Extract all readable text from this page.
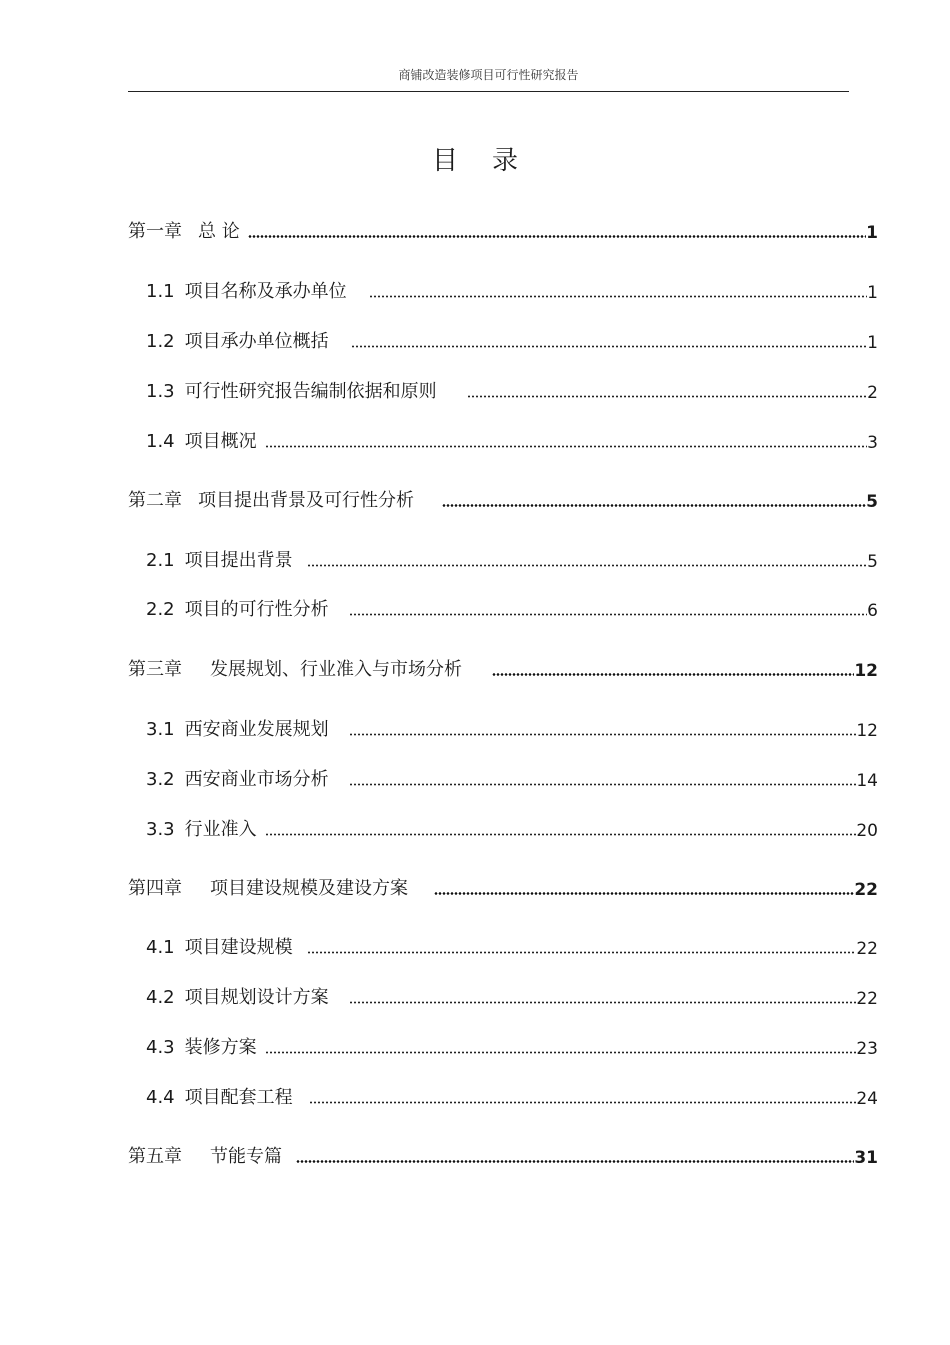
商铺改造装修项目可行性研究报告
目录
第一章 总 论	1
1.1 项目名称及承办单位	1
1.2 项目承办单位概括	1
1.3 可行性研究报告编制依据和原则	2
1.4 项目概况	3
第二章 项目提出背景及可行性分析	5
2.1 项目提出背景	5
2.2 项目的可行性分析	6
第三章 发展规划、行业准入与市场分析	12
3.1 西安商业发展规划	12
3.2 西安商业市场分析	14
3.3 行业准入	20
第四章 项目建设规模及建设方案	22
4.1 项目建设规模	22
4.2 项目规划设计方案	22
4.3 装修方案	23
4.4 项目配套工程	24
第五章 节能专篇	31
